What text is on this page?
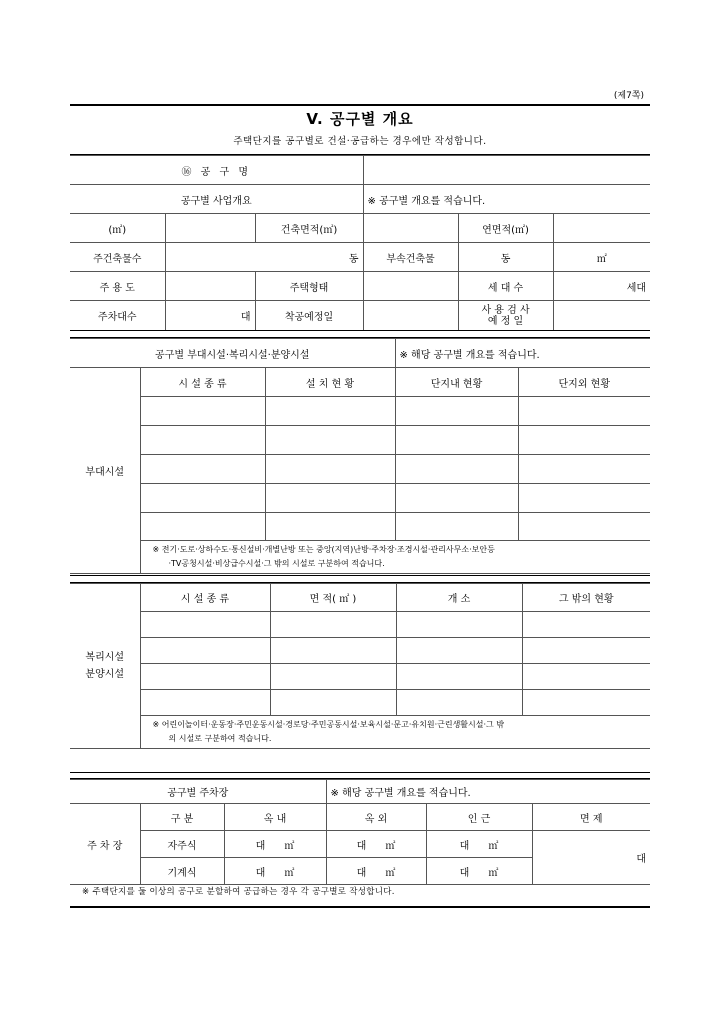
(제7쪽)
V. 공구별 개요
주택단지를 공구별로 건설·공급하는 경우에만 작성합니다.
⑯ 공 구 명					
공구별 사업개요			※ 공구별 개요를 적습니다.		
(㎡)		건축면적(㎡)		연면적(㎡)	
주건축물수	동		부속건축물	동	㎡
주 용 도		주택형태		세 대 수	세대
주차대수	대	착공예정일		사 용 검 사
예 정 일	

공구별 부대시설·복리시설·분양시설			※ 해당 공구별 개요를 적습니다.	
부대시설	시 설 종 류	설 치 현 황	단지내 현황	단지외 현황

	※ 전기·도로·상하수도·통신설비·개별난방 또는 중앙(지역)난방·주차장·조경시설·관리사무소·보안등
·TV공청시설·비상급수시설·그 밖의 시설로 구분하여 적습니다.			
복리시설
분양시설	시 설 종 류	면 적( ㎡ )	개 소	그 밖의 현황

	※ 어린이놀이터·운동장·주민운동시설·경로당·주민공동시설·보육시설·문고·유치원·근린생활시설·그 밖
의 시설로 구분하여 적습니다.			
공구별 주차장			※ 해당 공구별 개요를 적습니다.		
주 차 장	구 분	옥 내	옥 외	인 근	면 제
	자주식	대 ㎡	대 ㎡	대 ㎡	대
	기계식	대 ㎡	대 ㎡	대 ㎡	
※ 주택단지를 둘 이상의 공구로 분할하여 공급하는 경우 각 공구별로 작성합니다.
